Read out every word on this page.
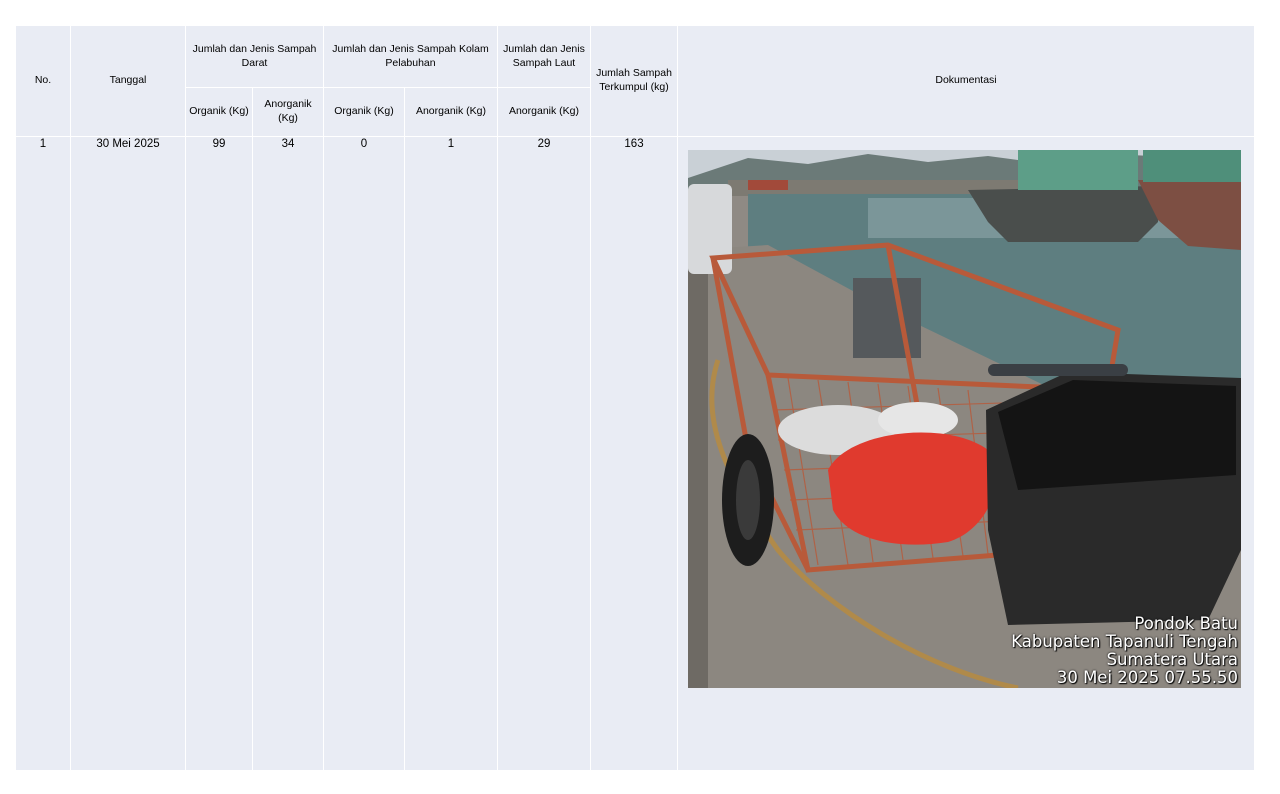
No.	Tanggal	Jumlah dan Jenis Sampah Darat		Jumlah dan Jenis Sampah Kolam Pelabuhan		Jumlah dan Jenis Sampah Laut	Jumlah Sampah Terkumpul (kg)	Dokumentasi
		Organik (Kg)	Anorganik (Kg)	Organik (Kg)	Anorganik (Kg)	Anorganik (Kg)		
1	30 Mei 2025	99	34	0	1	29	163	Pondok Batu
Kabupaten Tapanuli Tengah
Sumatera Utara
30 Mei 2025 07.55.50
